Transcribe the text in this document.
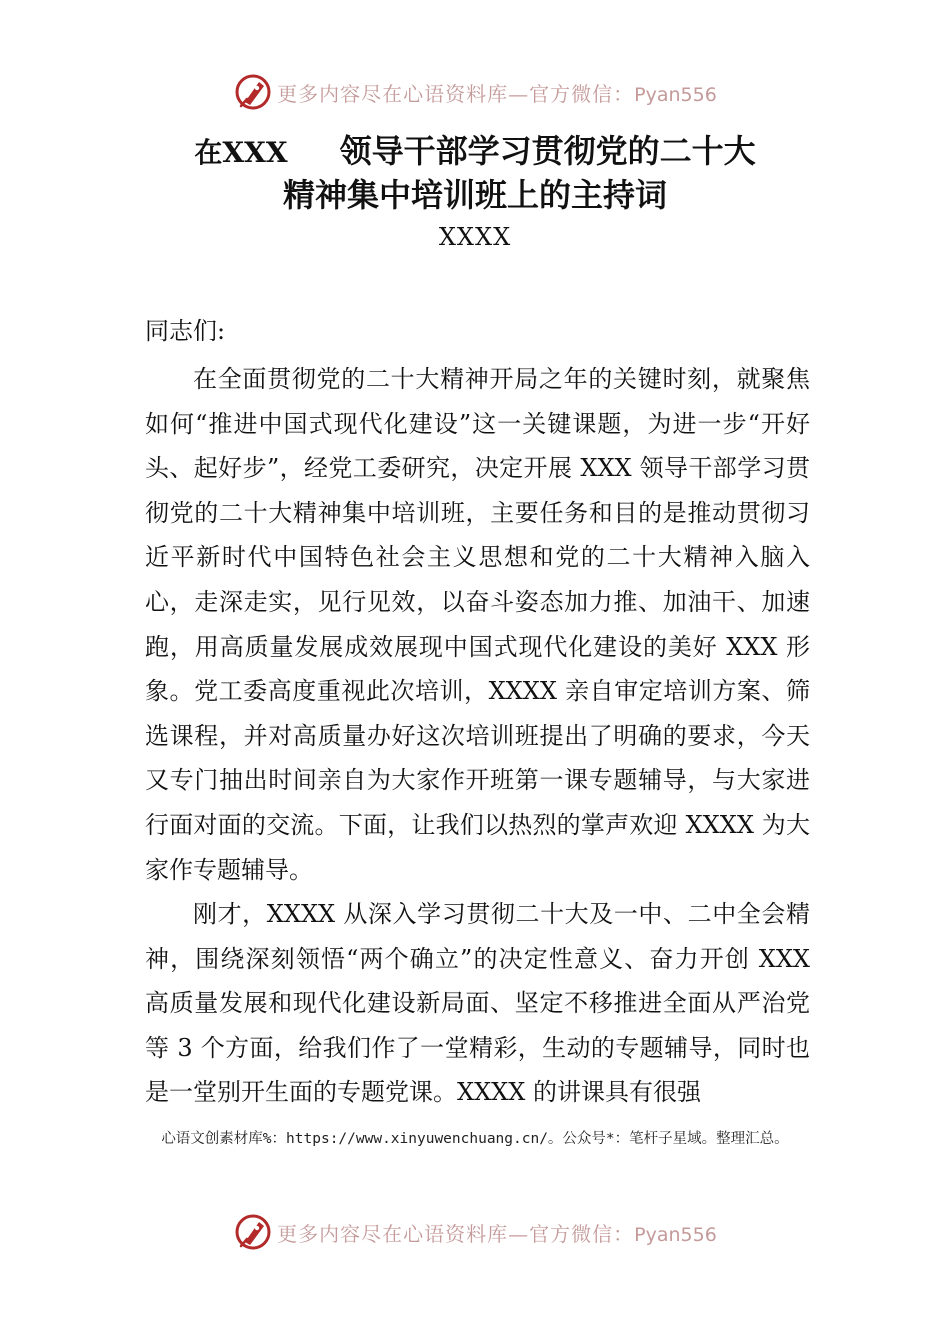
更多内容尽在心语资料库—官方微信：Pyan556
在XXX 领导干部学习贯彻党的二十大
精神集中培训班上的主持词
XXXX
同志们:
在全面贯彻党的二十大精神开局之年的关键时刻，就聚焦如何“推进中国式现代化建设”这一关键课题，为进一步“开好头、起好步”，经党工委研究，决定开展 XXX 领导干部学习贯彻党的二十大精神集中培训班，主要任务和目的是推动贯彻习近平新时代中国特色社会主义思想和党的二十大精神入脑入心，走深走实，见行见效，以奋斗姿态加力推、加油干、加速跑，用高质量发展成效展现中国式现代化建设的美好 XXX 形象。党工委高度重视此次培训，XXXX 亲自审定培训方案、筛选课程，并对高质量办好这次培训班提出了明确的要求，今天又专门抽出时间亲自为大家作开班第一课专题辅导，与大家进行面对面的交流。下面，让我们以热烈的掌声欢迎 XXXX 为大家作专题辅导。
刚才，XXXX 从深入学习贯彻二十大及一中、二中全会精神，围绕深刻领悟“两个确立”的决定性意义、奋力开创 XXX 高质量发展和现代化建设新局面、坚定不移推进全面从严治党等 3 个方面，给我们作了一堂精彩，生动的专题辅导，同时也是一堂别开生面的专题党课。XXXX 的讲课具有很强
心语文创素材库%：https://www.xinyuwenchuang.cn/。公众号*：笔杆子星域。整理汇总。
更多内容尽在心语资料库—官方微信：Pyan556
